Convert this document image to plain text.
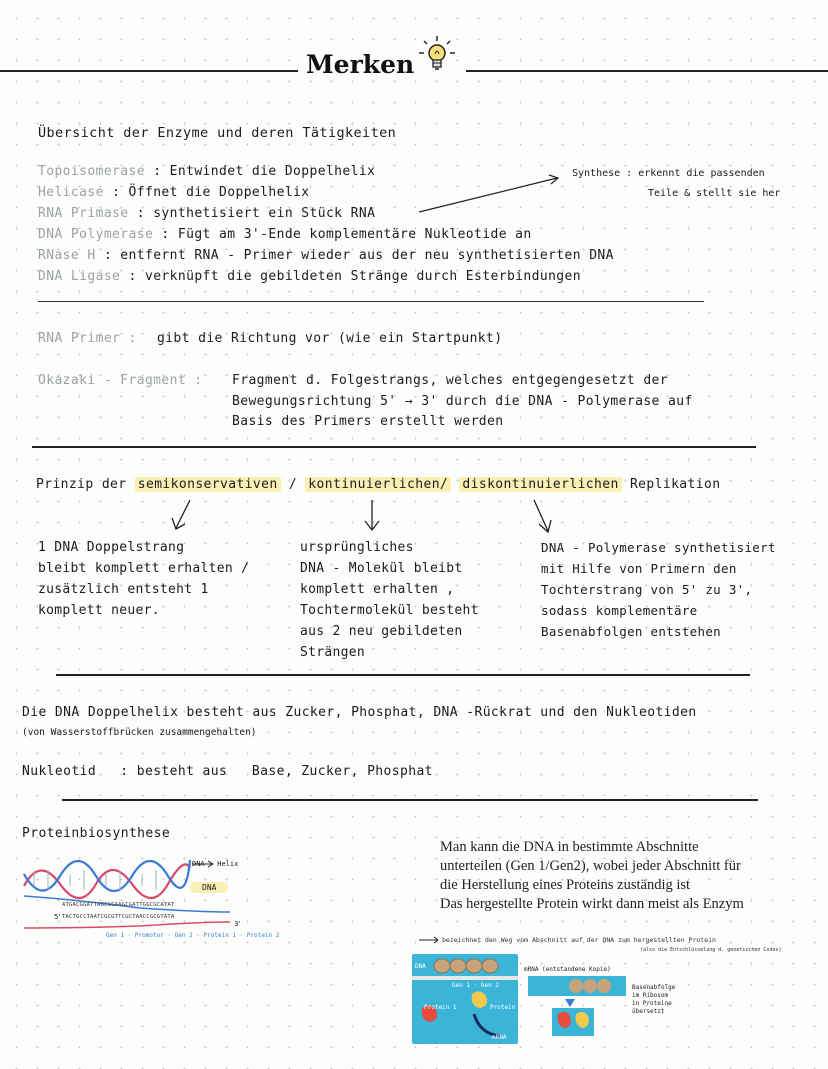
Merken
Übersicht der Enzyme und deren Tätigkeiten
Topoisomerase : Entwindet die Doppelhelix
Helicase : Öffnet die Doppelhelix
RNA Primase : synthetisiert ein Stück RNA
DNA Polymerase : Fügt am 3'-Ende komplementäre Nukleotide an
RNase H : entfernt RNA - Primer wieder aus der neu synthetisierten DNA
DNA Ligase : verknüpft die gebildeten Stränge durch Esterbindungen
Synthese : erkennt die passenden
Teile & stellt sie her
RNA Primer : gibt die Richtung vor (wie ein Startpunkt)
Okazaki - Fragment : Fragment d. Folgestrangs, welches entgegengesetzt der
Bewegungsrichtung 5' → 3' durch die DNA - Polymerase auf
Basis des Primers erstellt werden
Prinzip der semikonservativen / kontinuierlichen/ diskontinuierlichen Replikation
1 DNA Doppelstrang
bleibt komplett erhalten /
zusätzlich entsteht 1
komplett neuer.
ursprüngliches
DNA - Molekül bleibt
komplett erhalten ,
Tochtermolekül besteht
aus 2 neu gebildeten
Strängen
DNA - Polymerase synthetisiert
mit Hilfe von Primern den
Tochterstrang von 5' zu 3',
sodass komplementäre
Basenabfolgen entstehen
Die DNA Doppelhelix besteht aus Zucker, Phosphat, DNA -Rückrat und den Nukleotiden
(von Wasserstoffbrücken zusammengehalten)
Nukleotid : besteht aus   Base, Zucker, Phosphat
Proteinbiosynthese
DNA - Helix
DNA
ATGACGGATTAGCGCAAGCGATTGGCGCATAT
TACTGCCTAATCGCGTTCGCTAACCGCGTATA
5'
3'
Gen 1 · Promotor · Gen 2 · Protein 1 · Protein 2
Man kann die DNA in bestimmte Abschnitte
unterteilen (Gen 1/Gen2), wobei jeder Abschnitt für
die Herstellung eines Proteins zuständig ist
Das hergestellte Protein wirkt dann meist als Enzym
bezeichnet den Weg vom Abschnitt auf der DNA zum hergestellten Protein
(also die Entschlüsselung d. genetischen Codes)
DNA
Gen 1 · Gen 2
Protein 1	Protein 2
mRNA
mRNA (entstandene Kopie)
Basenabfolge
im Ribosom
in Proteine
übersetzt
